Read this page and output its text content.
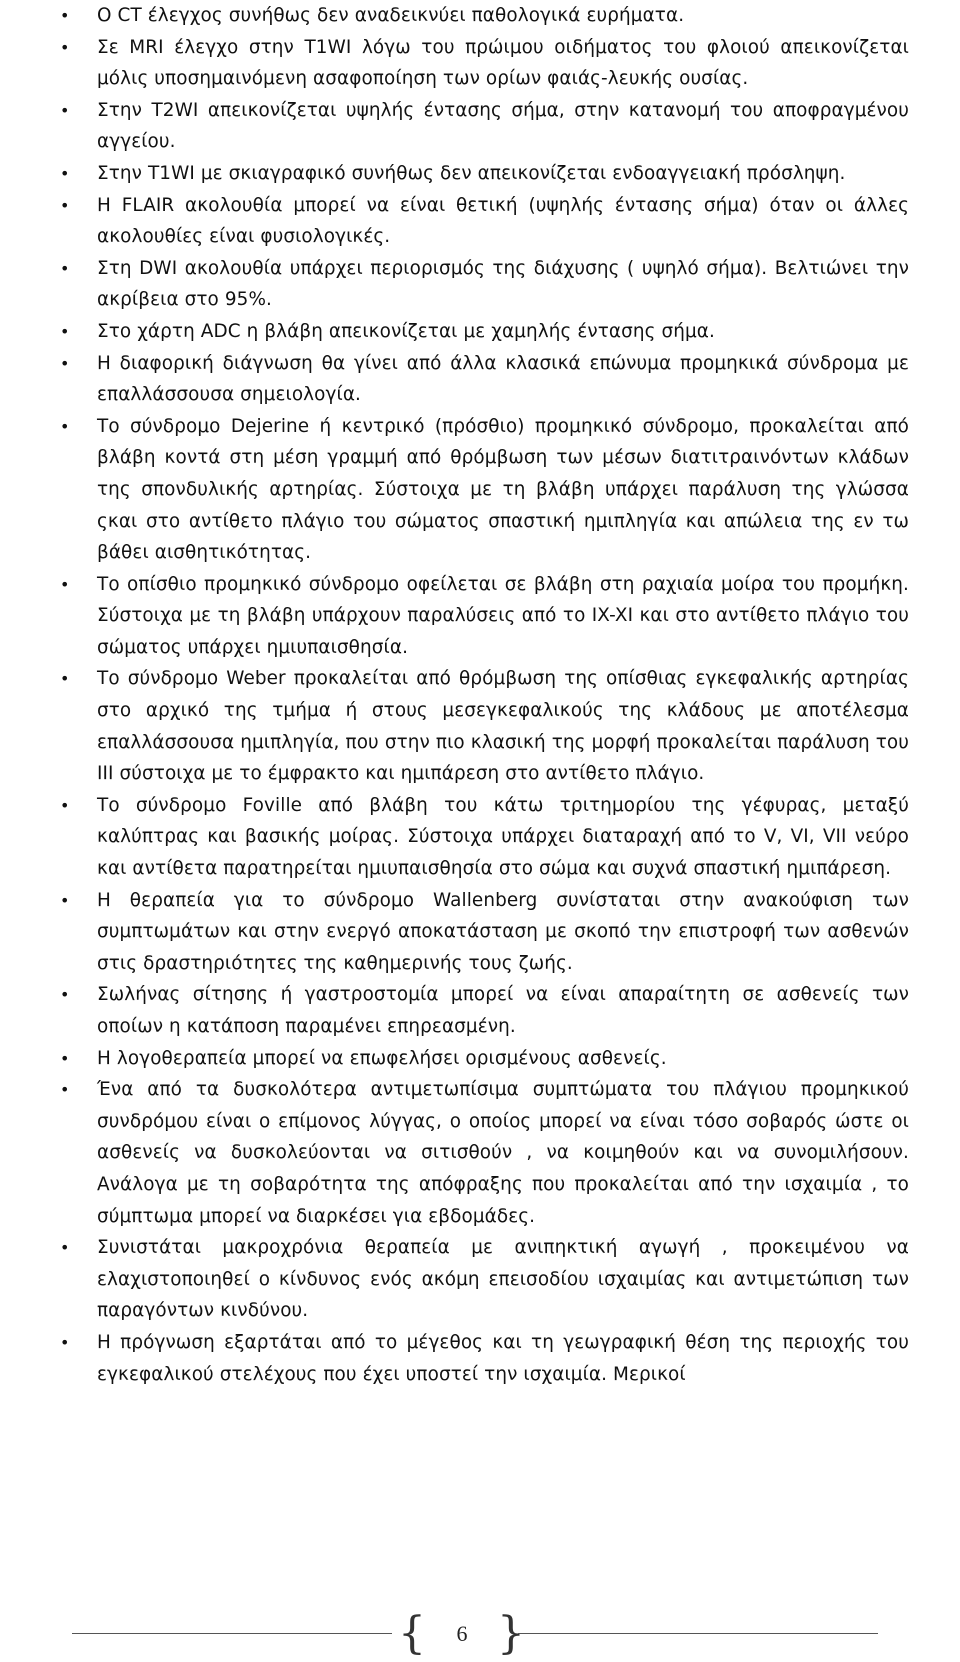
• Ο CT έλεγχος συνήθως δεν αναδεικνύει παθολογικά ευρήματα.
• Σε MRI έλεγχο στην T1WI λόγω του πρώιμου οιδήματος του φλοιού απεικονίζεται μόλις υποσημαινόμενη ασαφοποίηση των ορίων φαιάς-λευκής ουσίας.
• Στην T2WI απεικονίζεται υψηλής έντασης σήμα, στην κατανομή του αποφραγμένου αγγείου.
• Στην T1WI με σκιαγραφικό συνήθως δεν απεικονίζεται ενδοαγγειακή πρόσληψη.
• Η FLAIR ακολουθία μπορεί να είναι θετική (υψηλής έντασης σήμα) όταν οι άλλες ακολουθίες είναι φυσιολογικές.
• Στη DWI ακολουθία υπάρχει περιορισμός της διάχυσης ( υψηλό σήμα). Βελτιώνει την ακρίβεια στο 95%.
• Στο χάρτη ADC η βλάβη απεικονίζεται με χαμηλής έντασης σήμα.
• Η διαφορική διάγνωση θα γίνει από άλλα κλασικά επώνυμα προμηκικά σύνδρομα με επαλλάσσουσα σημειολογία.
• Το σύνδρομο Dejerine ή κεντρικό (πρόσθιο) προμηκικό σύνδρομο, προκαλείται από βλάβη κοντά στη μέση γραμμή από θρόμβωση των μέσων διατιτραινόντων κλάδων της σπονδυλικής αρτηρίας. Σύστοιχα με τη βλάβη υπάρχει παράλυση της γλώσσα ςκαι στο αντίθετο πλάγιο του σώματος σπαστική ημιπληγία και απώλεια της εν τω βάθει αισθητικότητας.
• Το οπίσθιο προμηκικό σύνδρομο οφείλεται σε βλάβη στη ραχιαία μοίρα του προμήκη. Σύστοιχα με τη βλάβη υπάρχουν παραλύσεις από το IX-XI και στο αντίθετο πλάγιο του σώματος υπάρχει ημιυπαισθησία.
• Το σύνδρομο Weber προκαλείται από θρόμβωση της οπίσθιας εγκεφαλικής αρτηρίας στο αρχικό της τμήμα ή στους μεσεγκεφαλικούς της κλάδους με αποτέλεσμα επαλλάσσουσα ημιπληγία, που στην πιο κλασική της μορφή προκαλείται παράλυση του ΙΙΙ σύστοιχα με το έμφρακτο και ημιπάρεση στο αντίθετο πλάγιο.
• Το σύνδρομο Foville από βλάβη του κάτω τριτημορίου της γέφυρας, μεταξύ καλύπτρας και βασικής μοίρας. Σύστοιχα υπάρχει διαταραχή από το V, VI, VII νεύρο και αντίθετα παρατηρείται ημιυπαισθησία στο σώμα και συχνά σπαστική ημιπάρεση.
• Η θεραπεία για το σύνδρομο Wallenberg συνίσταται στην ανακούφιση των συμπτωμάτων και στην ενεργό αποκατάσταση με σκοπό την επιστροφή των ασθενών στις δραστηριότητες της καθημερινής τους ζωής.
• Σωλήνας σίτησης ή γαστροστομία μπορεί να είναι απαραίτητη σε ασθενείς των οποίων η κατάποση παραμένει επηρεασμένη.
• Η λογοθεραπεία μπορεί να επωφελήσει ορισμένους ασθενείς.
• Ένα από τα δυσκολότερα αντιμετωπίσιμα συμπτώματα του πλάγιου προμηκικού συνδρόμου είναι ο επίμονος λύγγας, ο οποίος μπορεί να είναι τόσο σοβαρός ώστε οι ασθενείς να δυσκολεύονται να σιτισθούν , να κοιμηθούν και να συνομιλήσουν. Ανάλογα με τη σοβαρότητα της απόφραξης που προκαλείται από την ισχαιμία , το σύμπτωμα μπορεί να διαρκέσει για εβδομάδες.
• Συνιστάται μακροχρόνια θεραπεία με ανιπηκτική αγωγή , προκειμένου να ελαχιστοποιηθεί ο κίνδυνος ενός ακόμη επεισοδίου ισχαιμίας και αντιμετώπιση των παραγόντων κινδύνου.
• Η πρόγνωση εξαρτάται από το μέγεθος και τη γεωγραφική θέση της περιοχής του εγκεφαλικού στελέχους που έχει υποστεί την ισχαιμία. Μερικοί
{	6 }
